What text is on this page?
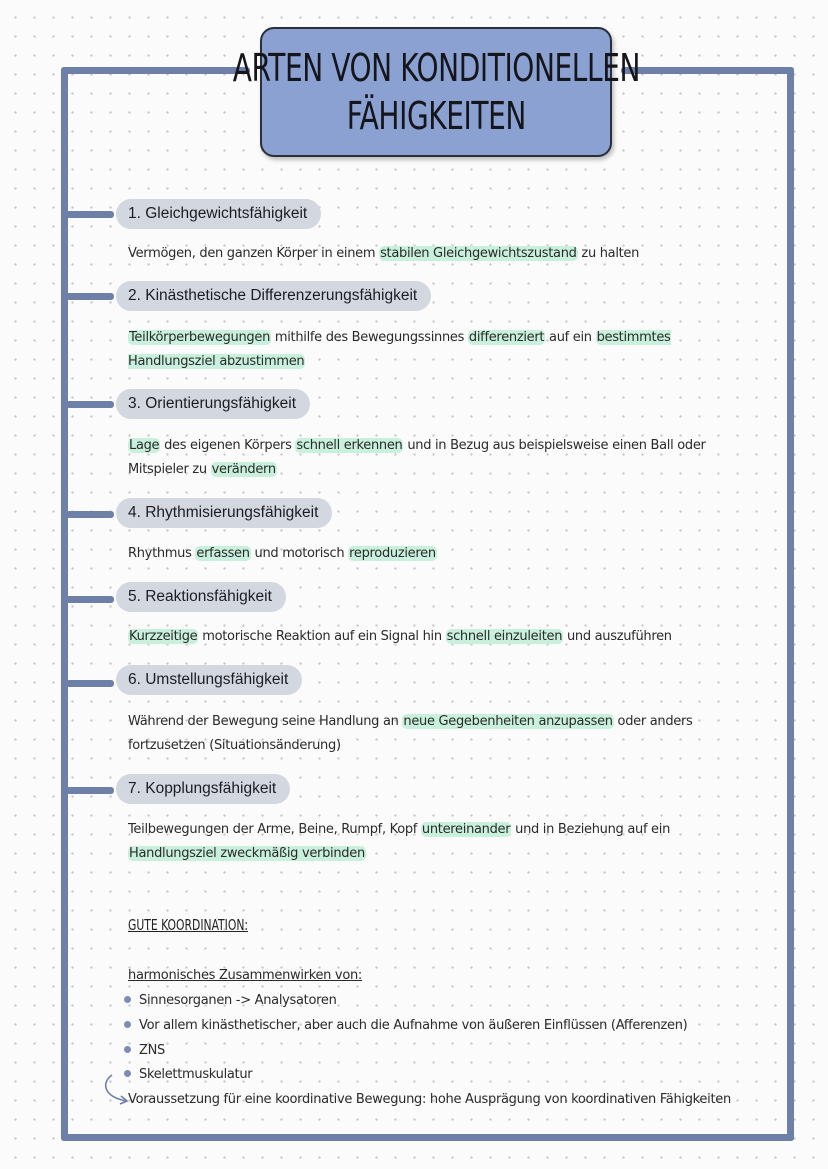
ARTEN VON KONDITIONELLEN
FÄHIGKEITEN
1. Gleichgewichtsfähigkeit
Vermögen, den ganzen Körper in einem stabilen Gleichgewichtszustand zu halten
2. Kinästhetische Differenzerungsfähigkeit
Teilkörperbewegungen mithilfe des Bewegungssinnes differenziert auf ein bestimmtes Handlungsziel abzustimmen
3. Orientierungsfähigkeit
Lage des eigenen Körpers schnell erkennen und in Bezug aus beispielsweise einen Ball oder Mitspieler zu verändern
4. Rhythmisierungsfähigkeit
Rhythmus erfassen und motorisch reproduzieren
5. Reaktionsfähigkeit
Kurzzeitige motorische Reaktion auf ein Signal hin schnell einzuleiten und auszuführen
6. Umstellungsfähigkeit
Während der Bewegung seine Handlung an neue Gegebenheiten anzupassen oder anders fortzusetzen (Situationsänderung)
7. Kopplungsfähigkeit
Teilbewegungen der Arme, Beine, Rumpf, Kopf untereinander und in Beziehung auf ein Handlungsziel zweckmäßig verbinden
GUTE KOORDINATION:
harmonisches Zusammenwirken von:
Sinnesorganen -> Analysatoren
Vor allem kinästhetischer, aber auch die Aufnahme von äußeren Einflüssen (Afferenzen)
ZNS
Skelettmuskulatur
Voraussetzung für eine koordinative Bewegung: hohe Ausprägung von koordinativen Fähigkeiten
